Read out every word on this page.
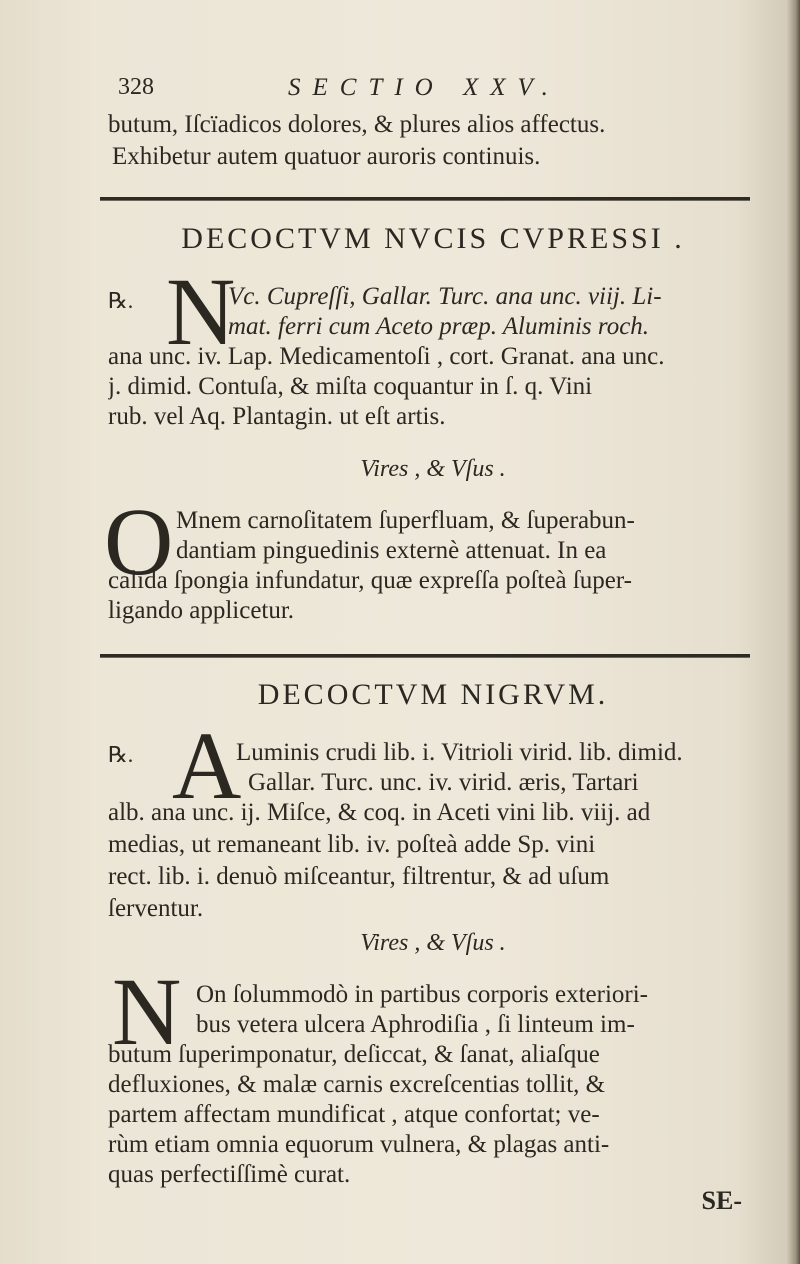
328	SECTIO XXV.
butum, Iſcïadicos dolores, & plures alios affectus.
Exhibetur autem quatuor auroris continuis.
DECOCTVM NVCIS CVPRESSI .
℞. N
Vc. Cupreſſi, Gallar. Turc. ana unc. viij. Li-
mat. ferri cum Aceto præp. Aluminis roch.
ana unc. iv. Lap. Medicamentoſi , cort. Granat. ana unc.
j. dimid. Contuſa, & miſta coquantur in ſ. q. Vini
rub. vel Aq. Plantagin. ut eſt artis.
Vires , & Vſus .
O Mnem carnoſitatem ſuperfluam, & ſuperabun-
dantiam pinguedinis externè attenuat. In ea
calida ſpongia infundatur, quæ expreſſa poſteà ſuper-
ligando applicetur.
DECOCTVM NIGRVM.
℞. A
Luminis crudi lib. i. Vitrioli virid. lib. dimid.
Gallar. Turc. unc. iv. virid. æris, Tartari
alb. ana unc. ij. Miſce, & coq. in Aceti vini lib. viij. ad
medias, ut remaneant lib. iv. poſteà adde Sp. vini
rect. lib. i. denuò miſceantur, filtrentur, & ad uſum
ſerventur.
Vires , & Vſus .
N On ſolummodò in partibus corporis exteriori-
bus vetera ulcera Aphrodiſia , ſi linteum im-
butum ſuperimponatur, deſiccat, & ſanat, aliaſque
defluxiones, & malæ carnis excreſcentias tollit, &
partem affectam mundificat , atque confortat; ve-
rùm etiam omnia equorum vulnera, & plagas anti-
quas perfectiſſimè curat.
SE-
